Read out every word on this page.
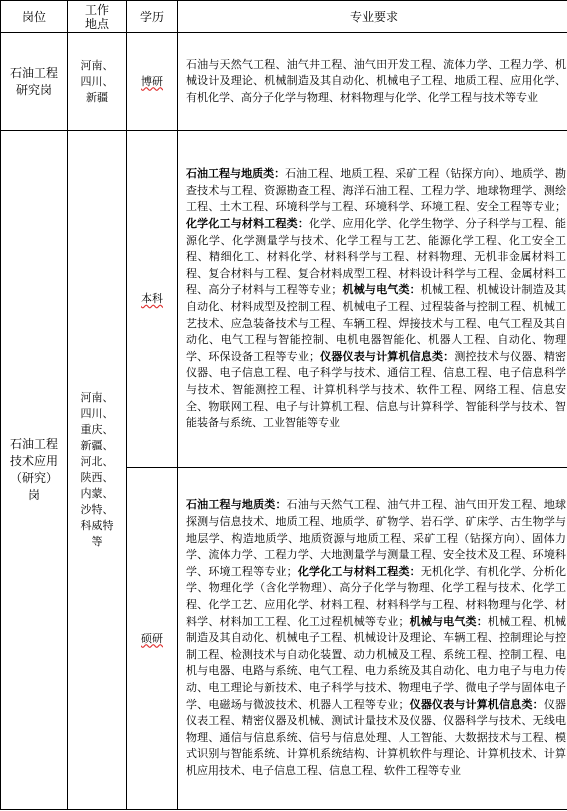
岗位	工作地点	学历	专业要求

石油工程研究岗	河南、四川、新疆	博研	石油与天然气工程、油气井工程、油气田开发工程、流体力学、工程力学、机械设计及理论、机械制造及其自动化、机械电子工程、地质工程、应用化学、有机化学、高分子化学与物理、材料物理与化学、化学工程与技术等专业

石油工程技术应用（研究）岗	河南、四川、重庆、新疆、河北、陕西、内蒙、沙特、科威特等	本科	石油工程与地质类：石油工程、地质工程、采矿工程（钻探方向）、地质学、勘查技术与工程、资源勘查工程、海洋石油工程、工程力学、地球物理学、测绘工程、土木工程、环境科学与工程、环境科学、环境工程、安全工程等专业；化学化工与材料工程类：化学、应用化学、化学生物学、分子科学与工程、能源化学、化学测量学与技术、化学工程与工艺、能源化学工程、化工安全工程、精细化工、材料化学、材料科学与工程、材料物理、无机非金属材料工程、复合材料与工程、复合材料成型工程、材料设计科学与工程、金属材料工程、高分子材料与工程等专业；机械与电气类：机械工程、机械设计制造及其自动化、材料成型及控制工程、机械电子工程、过程装备与控制工程、机械工艺技术、应急装备技术与工程、车辆工程、焊接技术与工程、电气工程及其自动化、电气工程与智能控制、电机电器智能化、机器人工程、自动化、物理学、环保设备工程等专业；仪器仪表与计算机信息类：测控技术与仪器、精密仪器、电子信息工程、电子科学与技术、通信工程、信息工程、电子信息科学与技术、智能测控工程、计算机科学与技术、软件工程、网络工程、信息安全、物联网工程、电子与计算机工程、信息与计算科学、智能科学与技术、智能装备与系统、工业智能等专业

		硕研	石油工程与地质类：石油与天然气工程、油气井工程、油气田开发工程、地球探测与信息技术、地质工程、地质学、矿物学、岩石学、矿床学、古生物学与地层学、构造地质学、地质资源与地质工程、采矿工程（钻探方向）、固体力学、流体力学、工程力学、大地测量学与测量工程、安全技术及工程、环境科学、环境工程等专业；化学化工与材料工程类：无机化学、有机化学、分析化学、物理化学（含化学物理）、高分子化学与物理、化学工程与技术、化学工程、化学工艺、应用化学、材料工程、材料科学与工程、材料物理与化学、材料学、材料加工工程、化工过程机械等专业；机械与电气类：机械工程、机械制造及其自动化、机械电子工程、机械设计及理论、车辆工程、控制理论与控制工程、检测技术与自动化装置、动力机械及工程、系统工程、控制工程、电机与电器、电路与系统、电气工程、电力系统及其自动化、电力电子与电力传动、电工理论与新技术、电子科学与技术、物理电子学、微电子学与固体电子学、电磁场与微波技术、机器人工程等专业；仪器仪表与计算机信息类：仪器仪表工程、精密仪器及机械、测试计量技术及仪器、仪器科学与技术、无线电物理、通信与信息系统、信号与信息处理、人工智能、大数据技术与工程、模式识别与智能系统、计算机系统结构、计算机软件与理论、计算机技术、计算机应用技术、电子信息工程、信息工程、软件工程等专业
